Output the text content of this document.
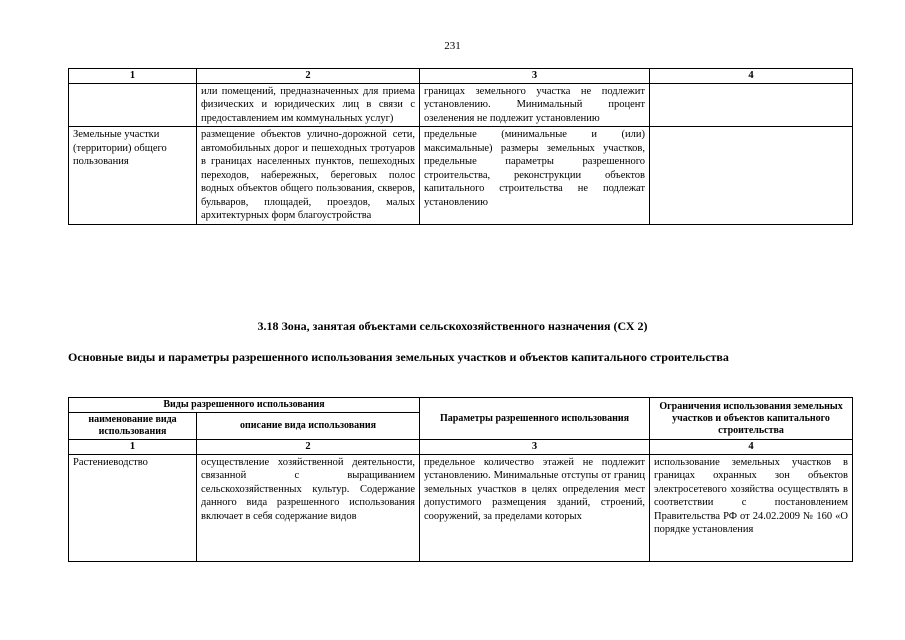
231
1	2	3	4
	или помещений, предназначенных для приема физических и юридических лиц в связи с предоставлением им коммунальных услуг)	границах земельного участка не подлежит установлению. Минимальный процент озеленения не подлежит установлению	
Земельные участки (территории) общего пользования	размещение объектов улично-дорожной сети, автомобильных дорог и пешеходных тротуаров в границах населенных пунктов, пешеходных переходов, набережных, береговых полос водных объектов общего пользования, скверов, бульваров, площадей, проездов, малых архитектурных форм благоустройства	предельные (минимальные и (или) максимальные) размеры земельных участков, предельные параметры разрешенного строительства, реконструкции объектов капитального строительства не подлежат установлению	
3.18 Зона, занятая объектами сельскохозяйственного назначения (СХ 2)
Основные виды и параметры разрешенного использования земельных участков и объектов капитального строительства
Виды разрешенного использования		Параметры разрешенного использования	Ограничения использования земельных участков и объектов капитального строительства
наименование вида использования	описание вида использования		
1	2	3	4

Растениеводство	осуществление хозяйственной деятельности, связанной с выращиванием сельскохозяйственных культур. Содержание данного вида разрешенного использования включает в себя содержание видов	предельное количество этажей не подлежит установлению. Минимальные отступы от границ земельных участков в целях определения мест допустимого размещения зданий, строений, сооружений, за пределами которых	использование земельных участков в границах охранных зон объектов электросетевого хозяйства осуществлять в соответствии с постановлением Правительства РФ от 24.02.2009 № 160 «О порядке установления
